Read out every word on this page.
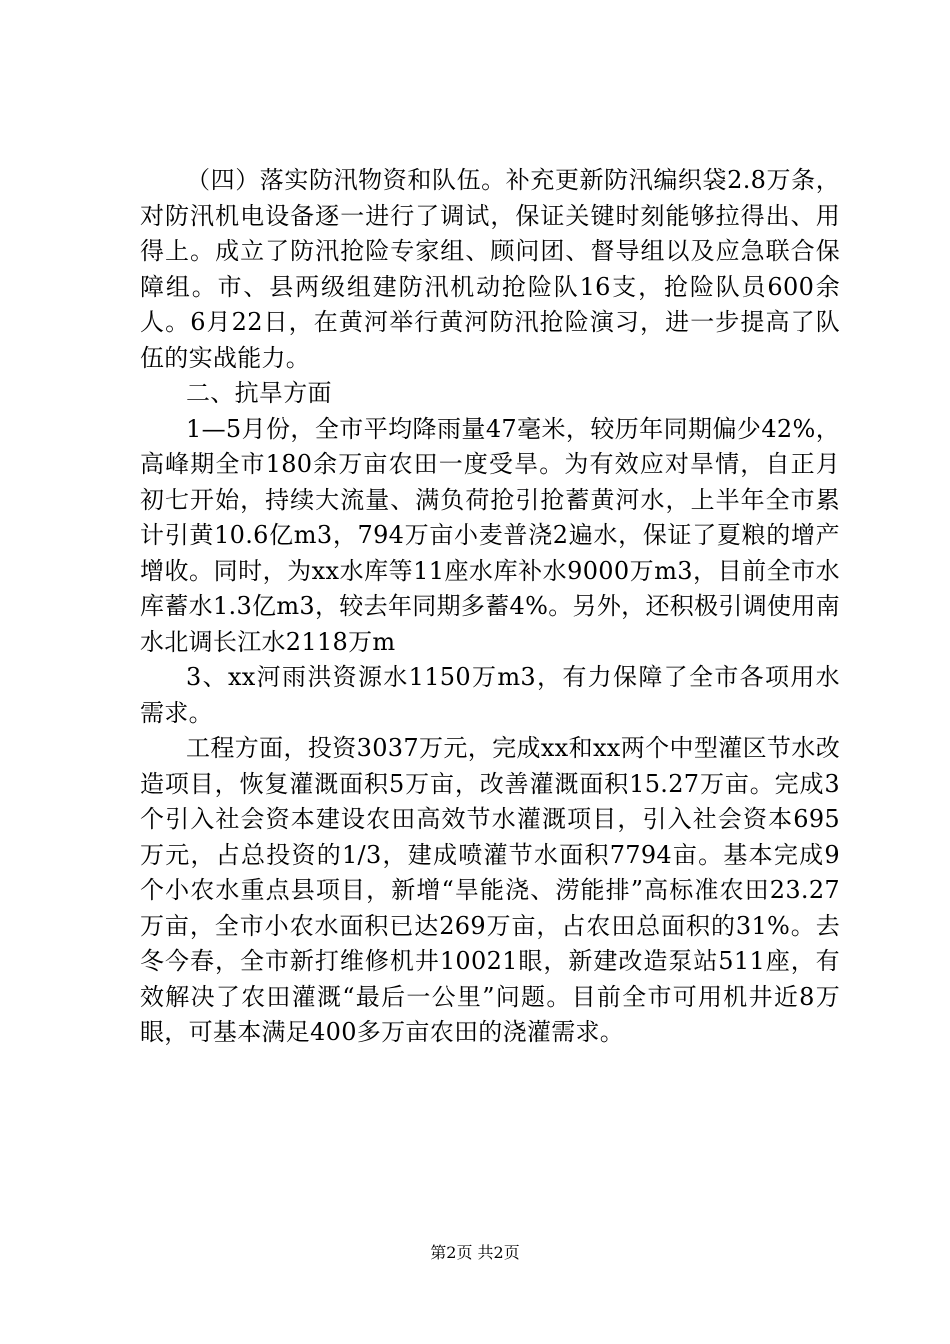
（四）落实防汛物资和队伍。补充更新防汛编织袋2.8万条，对防汛机电设备逐一进行了调试，保证关键时刻能够拉得出、用得上。成立了防汛抢险专家组、顾问团、督导组以及应急联合保障组。市、县两级组建防汛机动抢险队16支，抢险队员600余人。6月22日，在黄河举行黄河防汛抢险演习，进一步提高了队伍的实战能力。

二、抗旱方面

1—5月份，全市平均降雨量47毫米，较历年同期偏少42%，高峰期全市180余万亩农田一度受旱。为有效应对旱情，自正月初七开始，持续大流量、满负荷抢引抢蓄黄河水，上半年全市累计引黄10.6亿m3，794万亩小麦普浇2遍水，保证了夏粮的增产增收。同时，为xx水库等11座水库补水9000万m3，目前全市水库蓄水1.3亿m3，较去年同期多蓄4%。另外，还积极引调使用南水北调长江水2118万m

3、xx河雨洪资源水1150万m3，有力保障了全市各项用水需求。

工程方面，投资3037万元，完成xx和xx两个中型灌区节水改造项目，恢复灌溉面积5万亩，改善灌溉面积15.27万亩。完成3个引入社会资本建设农田高效节水灌溉项目，引入社会资本695万元，占总投资的1/3，建成喷灌节水面积7794亩。基本完成9个小农水重点县项目，新增“旱能浇、涝能排”高标准农田23.27万亩，全市小农水面积已达269万亩，占农田总面积的31%。去冬今春，全市新打维修机井10021眼，新建改造泵站511座，有效解决了农田灌溉“最后一公里”问题。目前全市可用机井近8万眼，可基本满足400多万亩农田的浇灌需求。

第2页 共2页
